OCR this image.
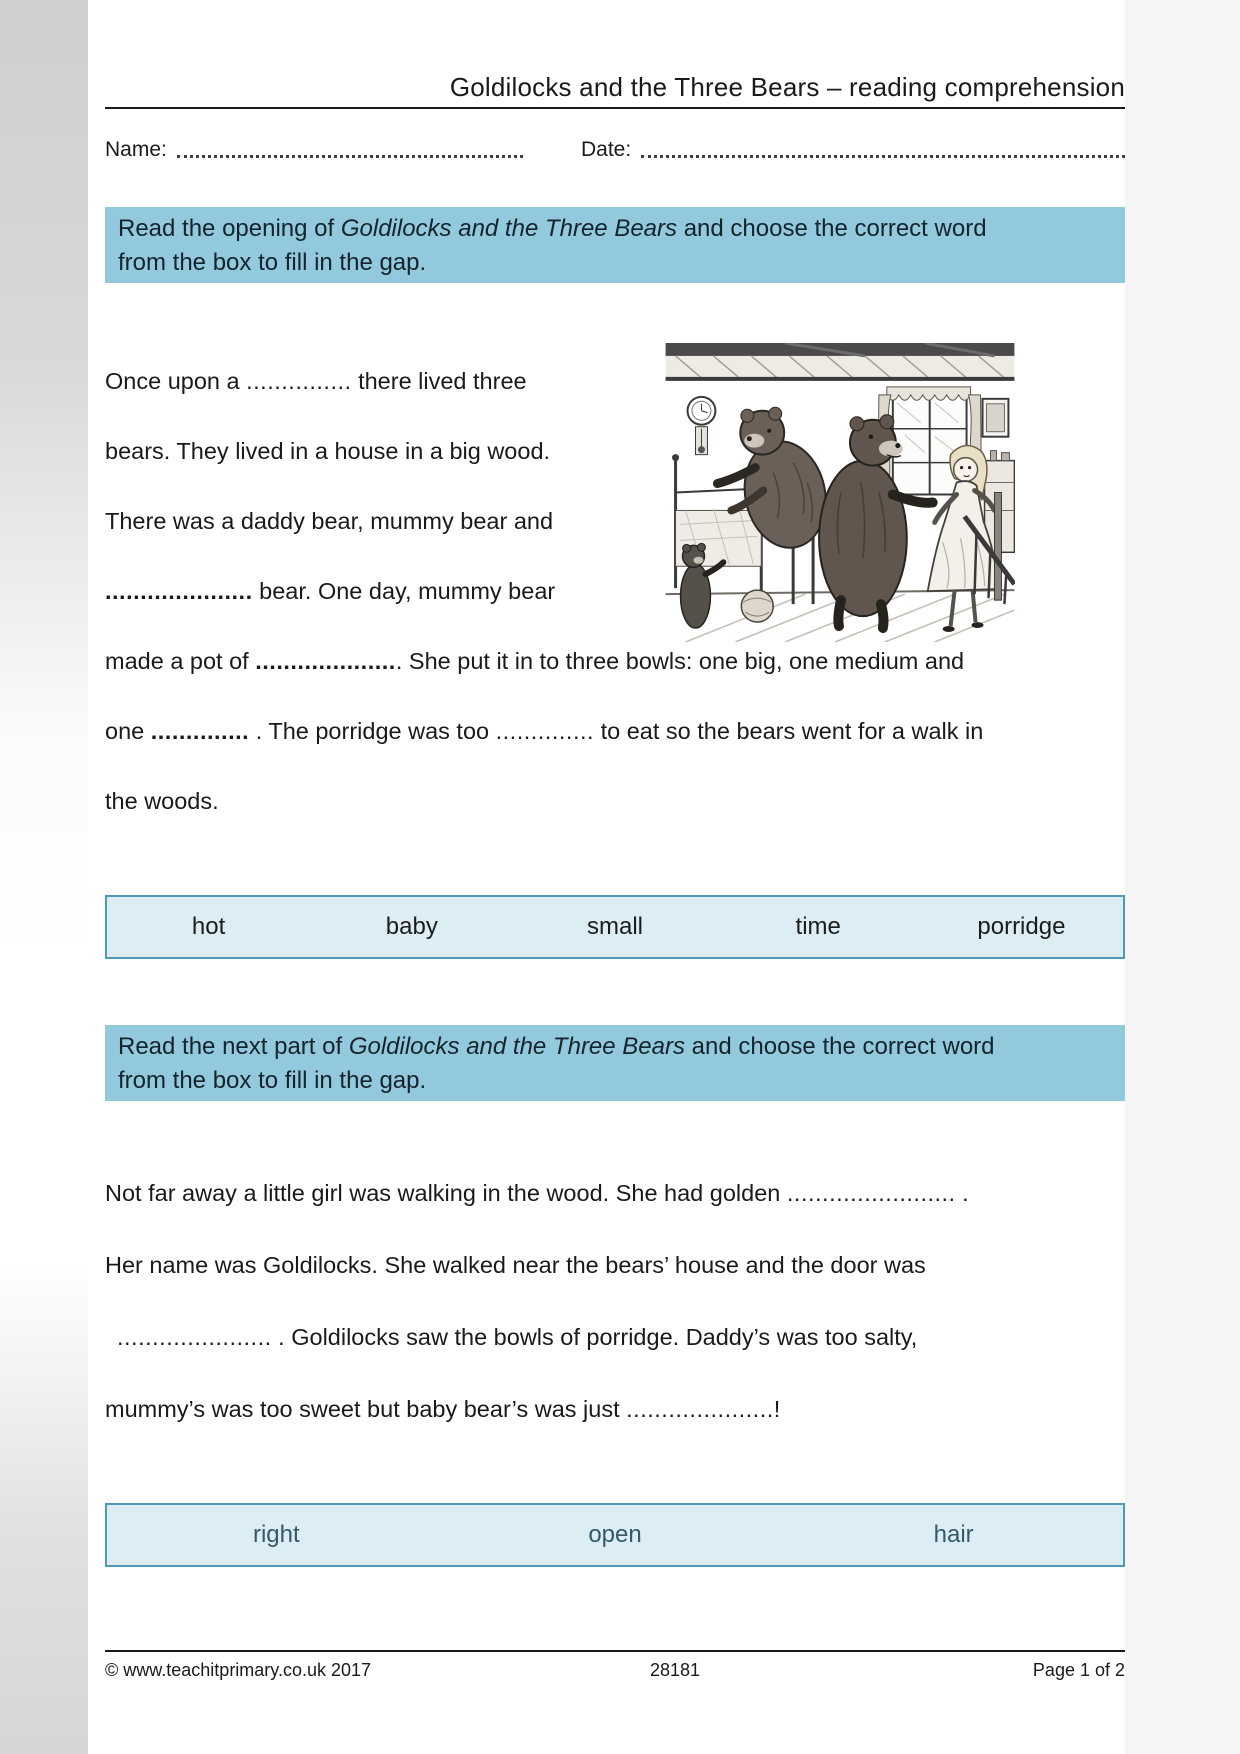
Goldilocks and the Three Bears – reading comprehension
Name:	Date:
Read the opening of Goldilocks and the Three Bears and choose the correct word
from the box to fill in the gap.
Once upon a ............... there lived three
bears. They lived in a house in a big wood.
There was a daddy bear, mummy bear and
..................... bear. One day, mummy bear
made a pot of ..................... She put it in to three bowls: one big, one medium and
one .............. . The porridge was too .............. to eat so the bears went for a walk in
the woods.
hot	baby	small	time	porridge
Read the next part of Goldilocks and the Three Bears and choose the correct word
from the box to fill in the gap.
Not far away a little girl was walking in the wood. She had golden ........................ .
Her name was Goldilocks. She walked near the bears’ house and the door was
...................... . Goldilocks saw the bowls of porridge. Daddy’s was too salty,
mummy’s was too sweet but baby bear’s was just .....................!
right	open	hair
© www.teachitprimary.co.uk 2017	28181	Page 1 of 2
